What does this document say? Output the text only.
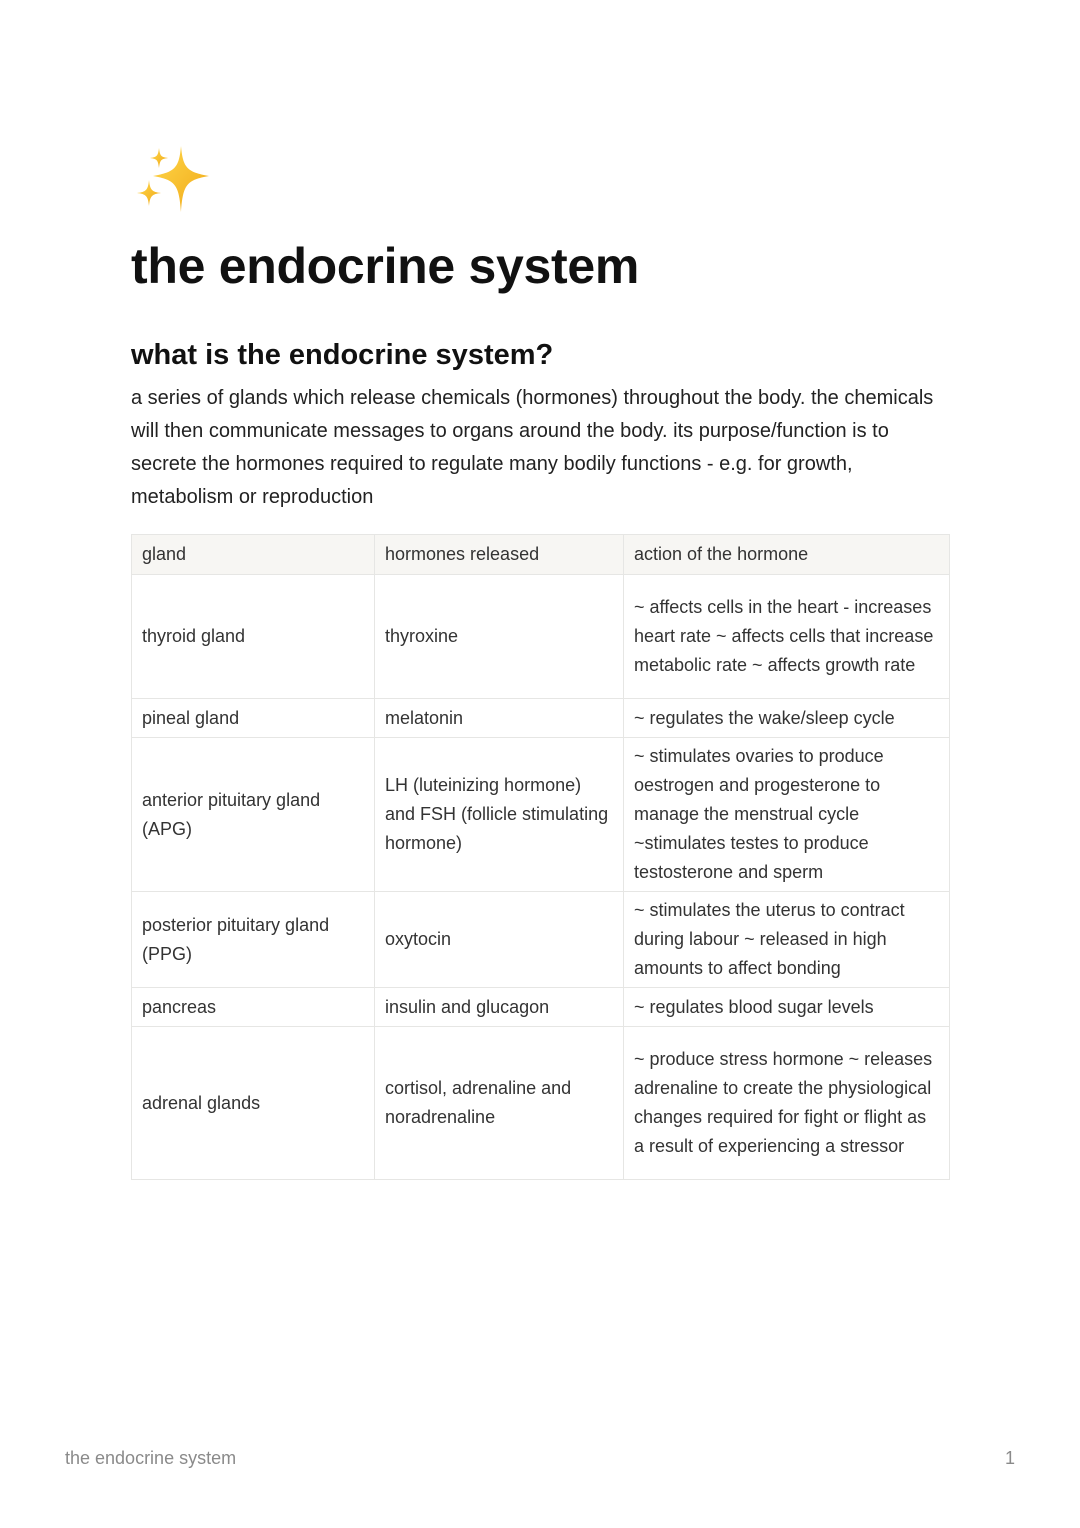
the endocrine system
what is the endocrine system?

a series of glands which release chemicals (hormones) throughout the body. the chemicals will then communicate messages to organs around the body. its purpose/function is to secrete the hormones required to regulate many bodily functions - e.g. for growth, metabolism or reproduction

gland	hormones released	action of the hormone
thyroid gland	thyroxine	~ affects cells in the heart - increases heart rate ~ affects cells that increase metabolic rate ~ affects growth rate
pineal gland	melatonin	~ regulates the wake/sleep cycle
anterior pituitary gland (APG)	LH (luteinizing hormone) and FSH (follicle stimulating hormone)	~ stimulates ovaries to produce oestrogen and progesterone to manage the menstrual cycle ~stimulates testes to produce testosterone and sperm
posterior pituitary gland (PPG)	oxytocin	~ stimulates the uterus to contract during labour ~ released in high amounts to affect bonding
pancreas	insulin and glucagon	~ regulates blood sugar levels
adrenal glands	cortisol, adrenaline and noradrenaline	~ produce stress hormone ~ releases adrenaline to create the physiological changes required for fight or flight as a result of experiencing a stressor
the endocrine system	1
